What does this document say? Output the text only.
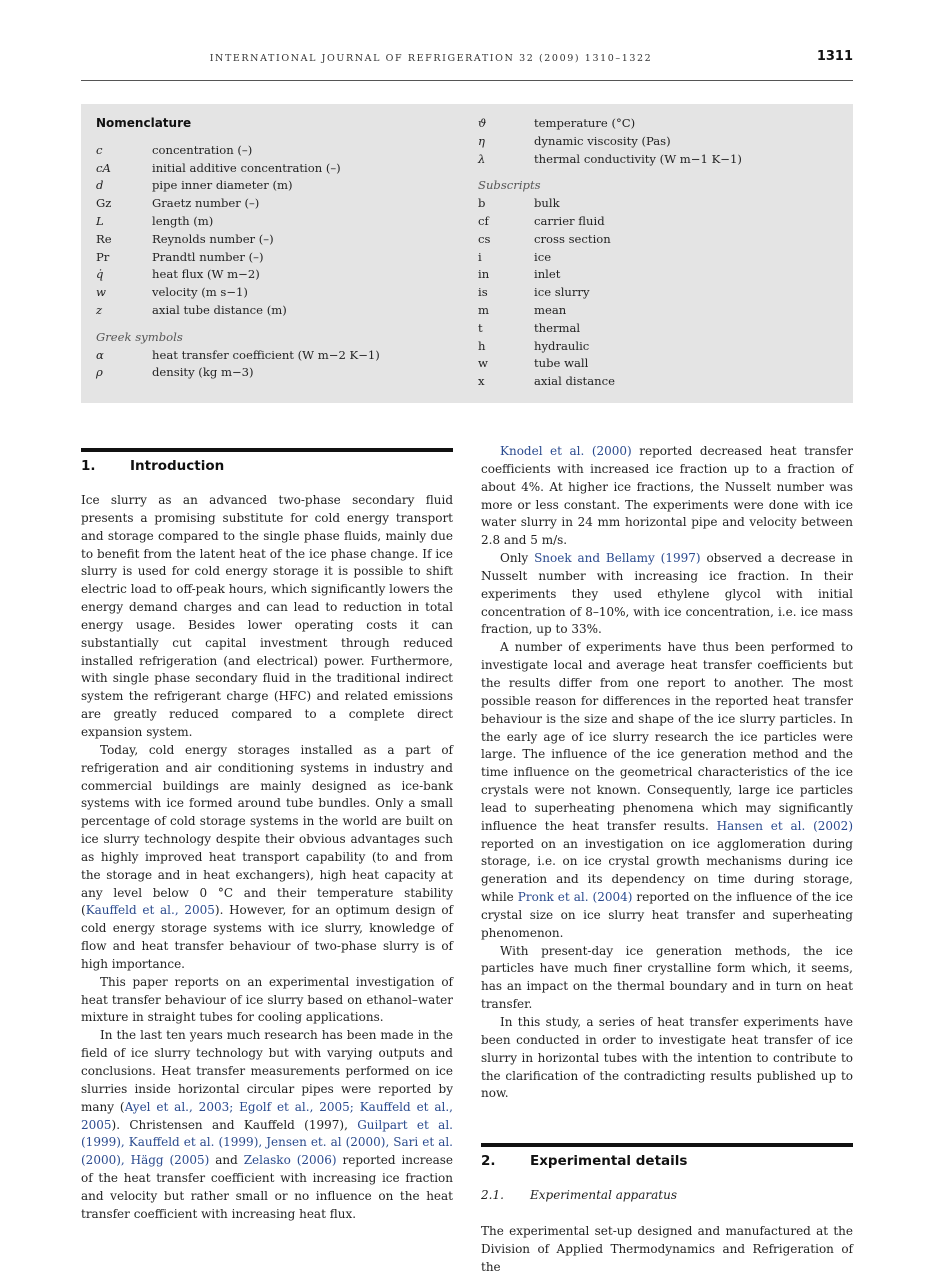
INTERNATIONAL JOURNAL OF REFRIGERATION 32 (2009) 1310–1322	1311
Nomenclature
c	concentration (–)
cA	initial additive concentration (–)
d	pipe inner diameter (m)
Gz	Graetz number (–)
L	length (m)
Re	Reynolds number (–)
Pr	Prandtl number (–)
q̇	heat flux (W m−2)
w	velocity (m s−1)
z	axial tube distance (m)
Greek symbols
α	heat transfer coefficient (W m−2 K−1)
ρ	density (kg m−3)
ϑ	temperature (°C)
η	dynamic viscosity (Pas)
λ	thermal conductivity (W m−1 K−1)
Subscripts
b	bulk
cf	carrier fluid
cs	cross section
i	ice
in	inlet
is	ice slurry
m	mean
t	thermal
h	hydraulic
w	tube wall
x	axial distance
1.	Introduction

Ice slurry as an advanced two-phase secondary fluid presents a promising substitute for cold energy transport and storage compared to the single phase fluids, mainly due to benefit from the latent heat of the ice phase change. If ice slurry is used for cold energy storage it is possible to shift electric load to off-peak hours, which significantly lowers the energy demand charges and can lead to reduction in total energy usage. Besides lower operating costs it can substantially cut capital investment through reduced installed refrigeration (and electrical) power. Furthermore, with single phase secondary fluid in the traditional indirect system the refrigerant charge (HFC) and related emissions are greatly reduced compared to a complete direct expansion system.

Today, cold energy storages installed as a part of refrigeration and air conditioning systems in industry and commercial buildings are mainly designed as ice-bank systems with ice formed around tube bundles. Only a small percentage of cold storage systems in the world are built on ice slurry technology despite their obvious advantages such as highly improved heat transport capability (to and from the storage and in heat exchangers), high heat capacity at any level below 0 °C and their temperature stability (Kauffeld et al., 2005). However, for an optimum design of cold energy storage systems with ice slurry, knowledge of flow and heat transfer behaviour of two-phase slurry is of high importance.

This paper reports on an experimental investigation of heat transfer behaviour of ice slurry based on ethanol–water mixture in straight tubes for cooling applications.

In the last ten years much research has been made in the field of ice slurry technology but with varying outputs and conclusions. Heat transfer measurements performed on ice slurries inside horizontal circular pipes were reported by many (Ayel et al., 2003; Egolf et al., 2005; Kauffeld et al., 2005). Christensen and Kauffeld (1997), Guilpart et al. (1999), Kauffeld et al. (1999), Jensen et. al (2000), Sari et al. (2000), Hägg (2005) and Zelasko (2006) reported increase of the heat transfer coefficient with increasing ice fraction and velocity but rather small or no influence on the heat transfer coefficient with increasing heat flux.

Knodel et al. (2000) reported decreased heat transfer coefficients with increased ice fraction up to a fraction of about 4%. At higher ice fractions, the Nusselt number was more or less constant. The experiments were done with ice water slurry in 24 mm horizontal pipe and velocity between 2.8 and 5 m/s.

Only Snoek and Bellamy (1997) observed a decrease in Nusselt number with increasing ice fraction. In their experiments they used ethylene glycol with initial concentration of 8–10%, with ice concentration, i.e. ice mass fraction, up to 33%.

A number of experiments have thus been performed to investigate local and average heat transfer coefficients but the results differ from one report to another. The most possible reason for differences in the reported heat transfer behaviour is the size and shape of the ice slurry particles. In the early age of ice slurry research the ice particles were large. The influence of the ice generation method and the time influence on the geometrical characteristics of the ice crystals were not known. Consequently, large ice particles lead to superheating phenomena which may significantly influence the heat transfer results. Hansen et al. (2002) reported on an investigation on ice agglomeration during storage, i.e. on ice crystal growth mechanisms during ice generation and its dependency on time during storage, while Pronk et al. (2004) reported on the influence of the ice crystal size on ice slurry heat transfer and superheating phenomenon.

With present-day ice generation methods, the ice particles have much finer crystalline form which, it seems, has an impact on the thermal boundary and in turn on heat transfer.

In this study, a series of heat transfer experiments have been conducted in order to investigate heat transfer of ice slurry in horizontal tubes with the intention to contribute to the clarification of the contradicting results published up to now.

2.	Experimental details
2.1. Experimental apparatus

The experimental set-up designed and manufactured at the Division of Applied Thermodynamics and Refrigeration of the
